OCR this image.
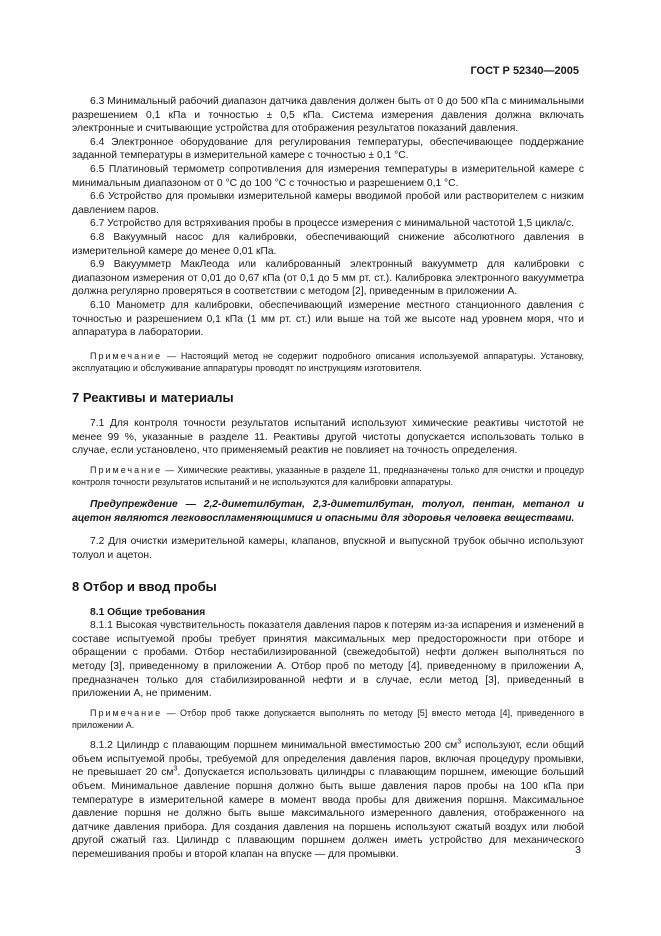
ГОСТ Р 52340—2005

6.3 Минимальный рабочий диапазон датчика давления должен быть от 0 до 500 кПа с минимальными разрешением 0,1 кПа и точностью ± 0,5 кПа. Система измерения давления должна включать электронные и считывающие устройства для отображения результатов показаний давления.

6.4 Электронное оборудование для регулирования температуры, обеспечивающее поддержание заданной температуры в измерительной камере с точностью ± 0,1 °С.

6.5 Платиновый термометр сопротивления для измерения температуры в измерительной камере с минимальным диапазоном от 0 °С до 100 °С с точностью и разрешением 0,1 °С.

6.6 Устройство для промывки измерительной камеры вводимой пробой или растворителем с низким давлением паров.

6.7 Устройство для встряхивания пробы в процессе измерения с минимальной частотой 1,5 цикла/с.

6.8 Вакуумный насос для калибровки, обеспечивающий снижение абсолютного давления в измерительной камере до менее 0,01 кПа.

6.9 Вакуумметр МакЛеода или калиброванный электронный вакуумметр для калибровки с диапазоном измерения от 0,01 до 0,67 кПа (от 0,1 до 5 мм рт. ст.). Калибровка электронного вакуумметра должна регулярно проверяться в соответствии с методом [2], приведенным в приложении А.

6.10 Манометр для калибровки, обеспечивающий измерение местного станционного давления с точностью и разрешением 0,1 кПа (1 мм рт. ст.) или выше на той же высоте над уровнем моря, что и аппаратура в лаборатории.

Примечание — Настоящий метод не содержит подробного описания используемой аппаратуры. Установку, эксплуатацию и обслуживание аппаратуры проводят по инструкциям изготовителя.

7 Реактивы и материалы

7.1 Для контроля точности результатов испытаний используют химические реактивы чистотой не менее 99 %, указанные в разделе 11. Реактивы другой чистоты допускается использовать только в случае, если установлено, что применяемый реактив не повлияет на точность определения.

Примечание — Химические реактивы, указанные в разделе 11, предназначены только для очистки и процедур контроля точности результатов испытаний и не используются для калибровки аппаратуры.

Предупреждение — 2,2-диметилбутан, 2,3-диметилбутан, толуол, пентан, метанол и ацетон являются легковоспламеняющимися и опасными для здоровья человека веществами.

7.2 Для очистки измерительной камеры, клапанов, впускной и выпускной трубок обычно используют толуол и ацетон.

8 Отбор и ввод пробы
8.1 Общие требования

8.1.1 Высокая чувствительность показателя давления паров к потерям из-за испарения и изменений в составе испытуемой пробы требует принятия максимальных мер предосторожности при отборе и обращении с пробами. Отбор нестабилизированной (свежедобытой) нефти должен выполняться по методу [3], приведенному в приложении А. Отбор проб по методу [4], приведенному в приложении А, предназначен только для стабилизированной нефти и в случае, если метод [3], приведенный в приложении А, не применим.

Примечание — Отбор проб также допускается выполнять по методу [5] вместо метода [4], приведенного в приложении А.

8.1.2 Цилиндр с плавающим поршнем минимальной вместимостью 200 $см^3$ используют, если общий объем испытуемой пробы, требуемой для определения давления паров, включая процедуру промывки, не превышает 20 $см^3$. Допускается использовать цилиндры с плавающим поршнем, имеющие больший объем. Минимальное давление поршня должно быть выше давления паров пробы на 100 кПа при температуре в измерительной камере в момент ввода пробы для движения поршня. Максимальное давление поршня не должно быть выше максимального измеренного давления, отображенного на датчике давления прибора. Для создания давления на поршень используют сжатый воздух или любой другой сжатый газ. Цилиндр с плавающим поршнем должен иметь устройство для механического перемешивания пробы и второй клапан на впуске — для промывки.	3
